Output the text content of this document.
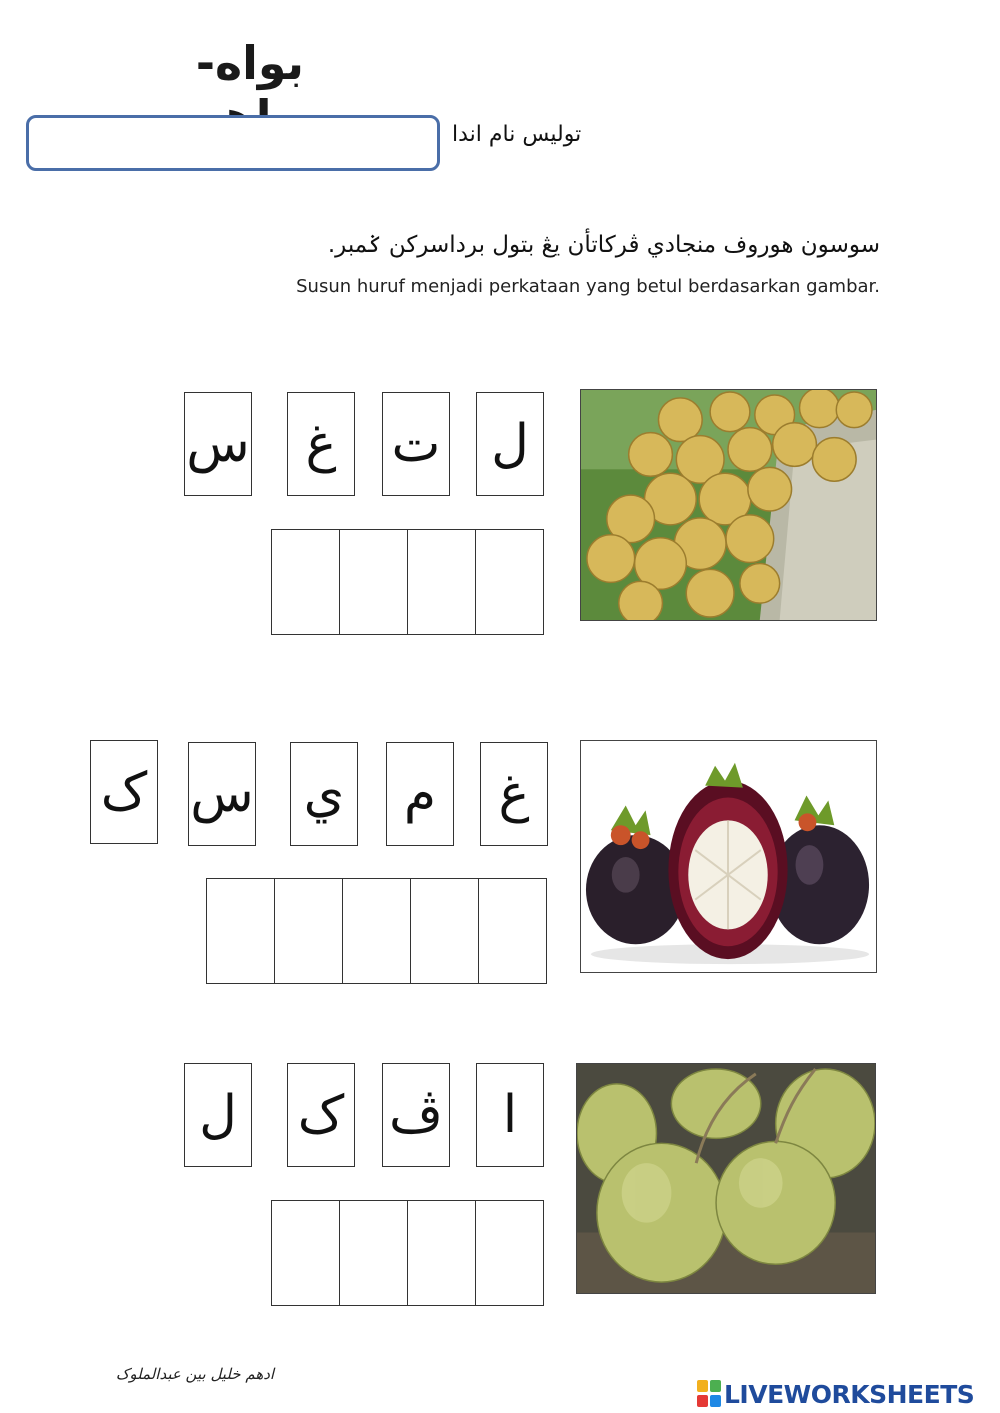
بواه-
توليس نام اندا
سوسون هوروف منجادي ڤركاتأن يڠ بتول برداسركن ݢمبر.
Susun huruf menjadi perkataan yang betul berdasarkan gambar.
س	غ	ت ل
ک س ي	م	غ
ل ک ڤ	ا
ادهم خليل بين عبدالملوک
LIVEWORKSHEETS
